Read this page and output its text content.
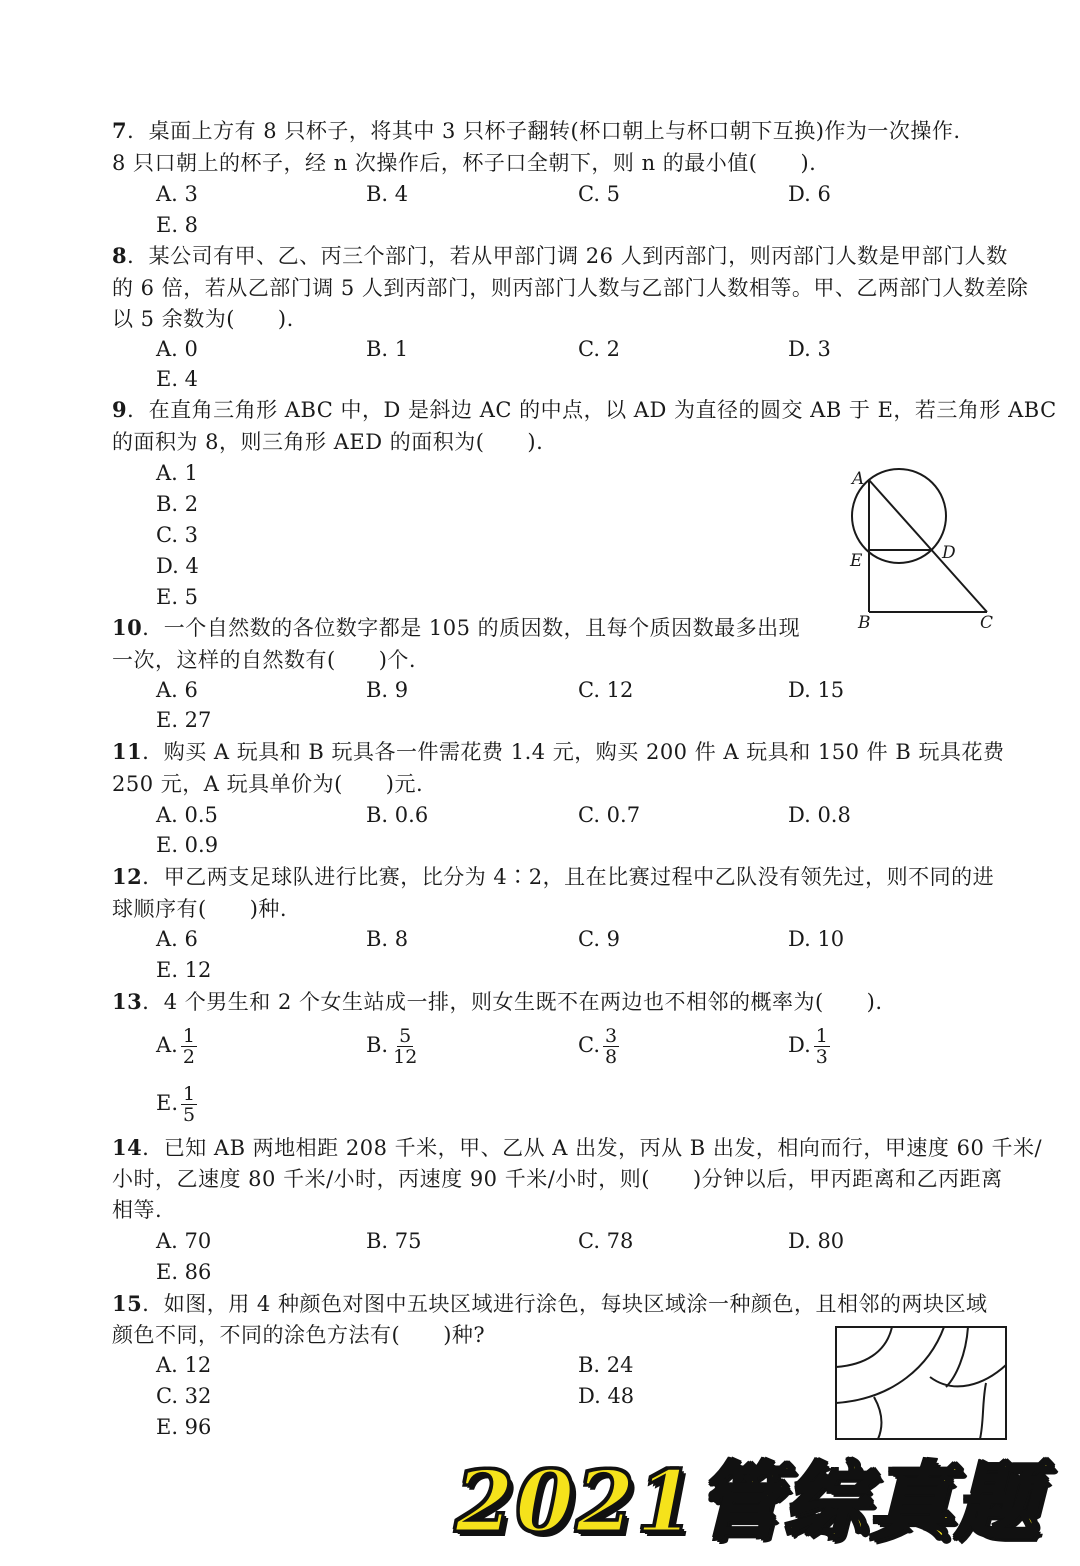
7．桌面上方有 8 只杯子，将其中 3 只杯子翻转(杯口朝上与杯口朝下互换)作为一次操作.
8 只口朝上的杯子，经 n 次操作后，杯子口全朝下，则 n 的最小值(　　).
A. 3	B. 4	C. 5	D. 6
E. 8
8．某公司有甲、乙、丙三个部门，若从甲部门调 26 人到丙部门，则丙部门人数是甲部门人数
的 6 倍，若从乙部门调 5 人到丙部门，则丙部门人数与乙部门人数相等。甲、乙两部门人数差除
以 5 余数为(　　).
A. 0	B. 1	C. 2	D. 3
E. 4
9．在直角三角形 ABC 中，D 是斜边 AC 的中点，以 AD 为直径的圆交 AB 于 E，若三角形 ABC
的面积为 8，则三角形 AED 的面积为(　　).
A. 1
B. 2
C. 3
D. 4
E. 5
A
E	D
B	C
10．一个自然数的各位数字都是 105 的质因数，且每个质因数最多出现
一次，这样的自然数有(　　)个.
A. 6	B. 9	C. 12	D. 15
E. 27
11．购买 A 玩具和 B 玩具各一件需花费 1.4 元，购买 200 件 A 玩具和 150 件 B 玩具花费
250 元，A 玩具单价为(　　)元.
A. 0.5	B. 0.6	C. 0.7	D. 0.8
E. 0.9
12．甲乙两支足球队进行比赛，比分为 4∶2，且在比赛过程中乙队没有领先过，则不同的进
球顺序有(　　)种.
A. 6	B. 8	C. 9	D. 10
E. 12
13．4 个男生和 2 个女生站成一排，则女生既不在两边也不相邻的概率为(　　).
A. $\frac{1}{2}$	B. $\frac{5}{12}$	C. $\frac{3}{8}$	D. $\frac{1}{3}$
E. $\frac{1}{5}$
14．已知 AB 两地相距 208 千米，甲、乙从 A 出发，丙从 B 出发，相向而行，甲速度 60 千米/
小时，乙速度 80 千米/小时，丙速度 90 千米/小时，则(　　)分钟以后，甲丙距离和乙丙距离
相等.
A. 70	B. 75	C. 78	D. 80
E. 86
15．如图，用 4 种颜色对图中五块区域进行涂色，每块区域涂一种颜色，且相邻的两块区域
颜色不同，不同的涂色方法有(　　)种?
A. 12	B. 24
C. 32	D. 48
E. 96
2021管综真题
